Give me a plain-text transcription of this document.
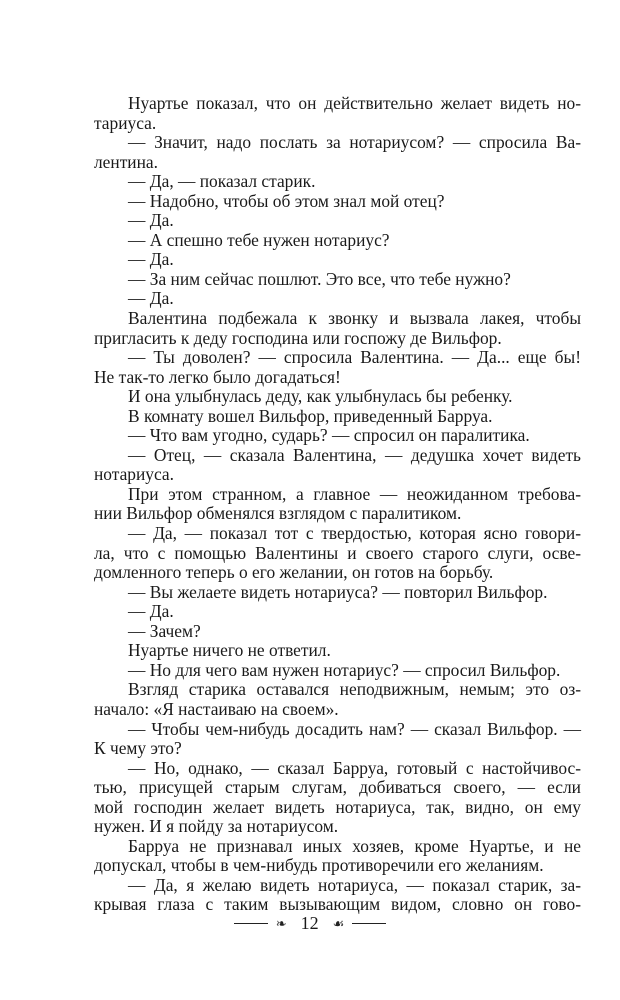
Нуартье показал, что он действительно желает видеть но-
тариуса.
— Значит, надо послать за нотариусом? — спросила Ва-
лентина.
— Да, — показал старик.
— Надобно, чтобы об этом знал мой отец?
— Да.
— А спешно тебе нужен нотариус?
— Да.
— За ним сейчас пошлют. Это все, что тебе нужно?
— Да.
Валентина подбежала к звонку и вызвала лакея, чтобы
пригласить к деду господина или госпожу де Вильфор.
— Ты доволен? — спросила Валентина. — Да... еще бы!
Не так-то легко было догадаться!
И она улыбнулась деду, как улыбнулась бы ребенку.
В комнату вошел Вильфор, приведенный Барруа.
— Что вам угодно, сударь? — спросил он паралитика.
— Отец, — сказала Валентина, — дедушка хочет видеть
нотариуса.
При этом странном, а главное — неожиданном требова-
нии Вильфор обменялся взглядом с паралитиком.
— Да, — показал тот с твердостью, которая ясно говори-
ла, что с помощью Валентины и своего старого слуги, осве-
домленного теперь о его желании, он готов на борьбу.
— Вы желаете видеть нотариуса? — повторил Вильфор.
— Да.
— Зачем?
Нуартье ничего не ответил.
— Но для чего вам нужен нотариус? — спросил Вильфор.
Взгляд старика оставался неподвижным, немым; это оз-
начало: «Я настаиваю на своем».
— Чтобы чем-нибудь досадить нам? — сказал Вильфор. —
К чему это?
— Но, однако, — сказал Барруа, готовый с настойчивос-
тью, присущей старым слугам, добиваться своего, — если
мой господин желает видеть нотариуса, так, видно, он ему
нужен. И я пойду за нотариусом.
Барруа не признавал иных хозяев, кроме Нуартье, и не
допускал, чтобы в чем-нибудь противоречили его желаниям.
— Да, я желаю видеть нотариуса, — показал старик, за-
крывая глаза с таким вызывающим видом, словно он гово-
❧ 12 ☙
